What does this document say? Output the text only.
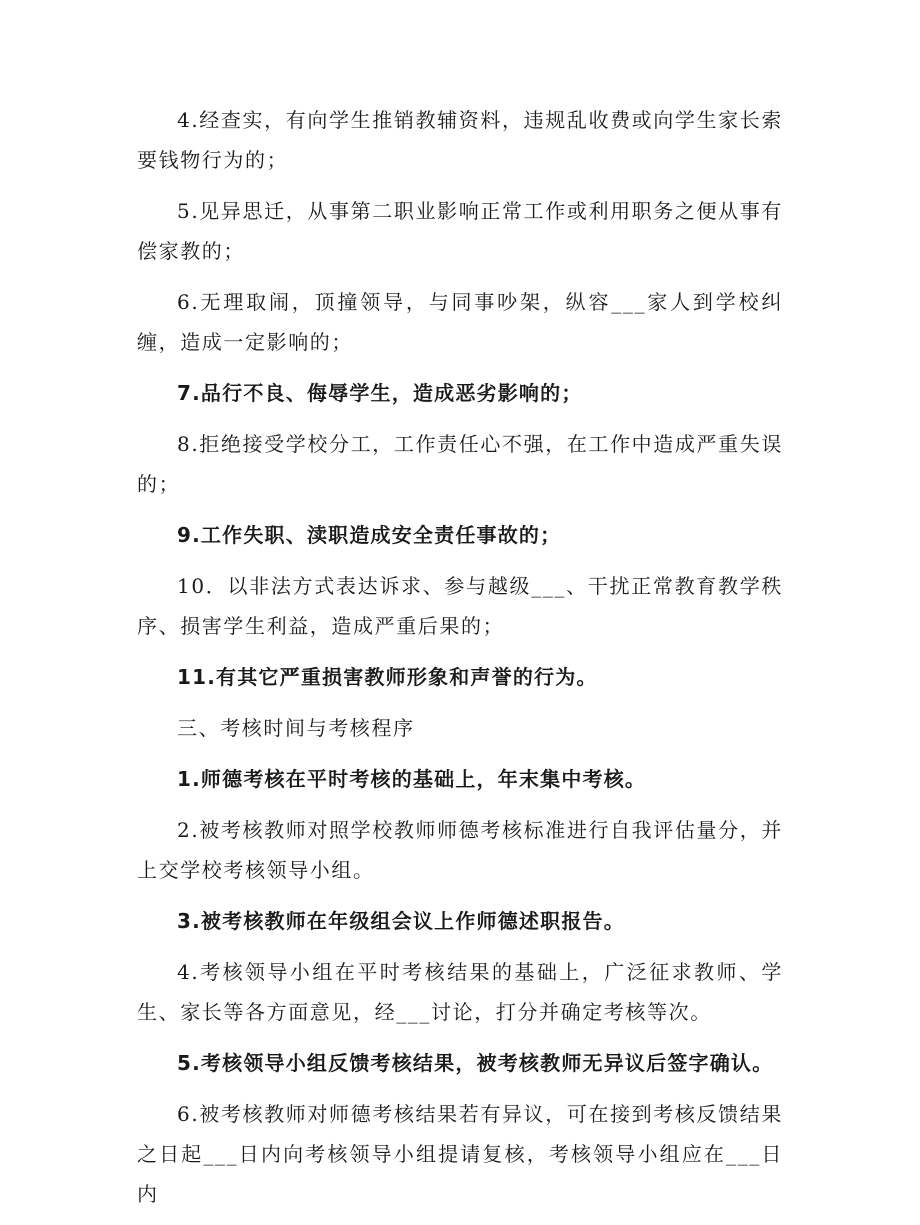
4.经查实，有向学生推销教辅资料，违规乱收费或向学生家长索要钱物行为的；

5.见异思迁，从事第二职业影响正常工作或利用职务之便从事有偿家教的；

6.无理取闹，顶撞领导，与同事吵架，纵容___家人到学校纠缠，造成一定影响的；

7.品行不良、侮辱学生，造成恶劣影响的；

8.拒绝接受学校分工，工作责任心不强，在工作中造成严重失误的；

9.工作失职、渎职造成安全责任事故的；

10．以非法方式表达诉求、参与越级___、干扰正常教育教学秩序、损害学生利益，造成严重后果的；

11.有其它严重损害教师形象和声誉的行为。

三、考核时间与考核程序

1.师德考核在平时考核的基础上，年末集中考核。

2.被考核教师对照学校教师师德考核标准进行自我评估量分，并上交学校考核领导小组。

3.被考核教师在年级组会议上作师德述职报告。

4.考核领导小组在平时考核结果的基础上，广泛征求教师、学生、家长等各方面意见，经___讨论，打分并确定考核等次。

5.考核领导小组反馈考核结果，被考核教师无异议后签字确认。

6.被考核教师对师德考核结果若有异议，可在接到考核反馈结果之日起___日内向考核领导小组提请复核，考核领导小组应在___日内
